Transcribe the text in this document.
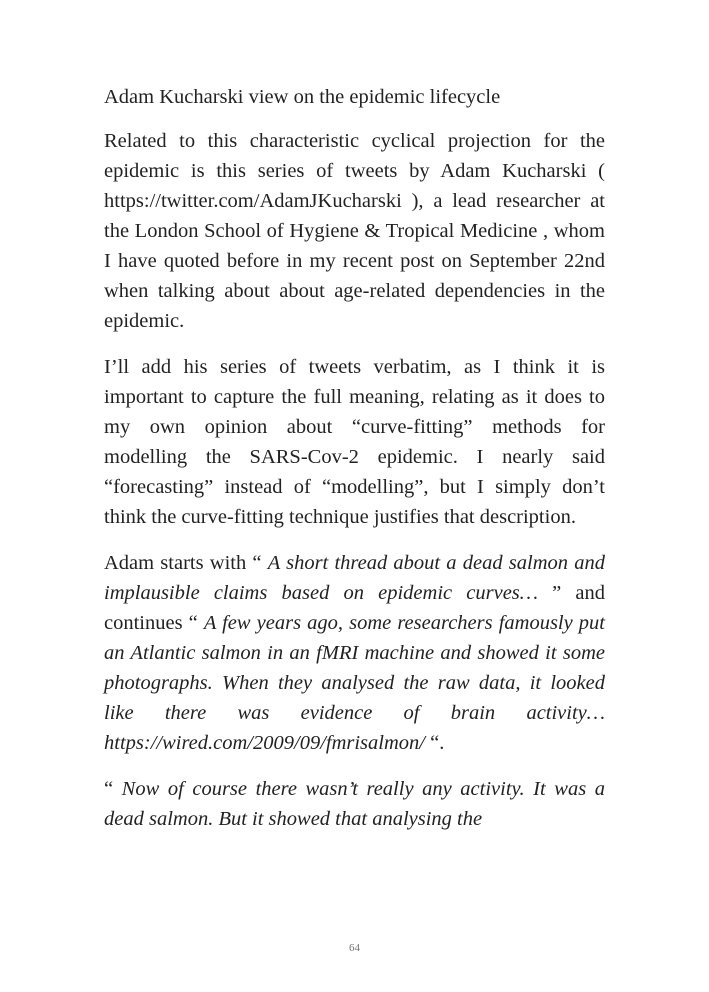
Adam Kucharski view on the epidemic lifecycle

Related to this characteristic cyclical projection for the epidemic is this series of tweets by Adam Kucharski ( https://twitter.com/AdamJKucharski ), a lead researcher at the London School of Hygiene & Tropical Medicine , whom I have quoted before in my recent post on September 22nd when talking about about age-related dependencies in the epidemic.

I’ll add his series of tweets verbatim, as I think it is important to capture the full meaning, relating as it does to my own opinion about “curve-fitting” methods for modelling the SARS-Cov-2 epidemic. I nearly said “forecasting” instead of “modelling”, but I simply don’t think the curve-fitting technique justifies that description.

Adam starts with “ A short thread about a dead salmon and implausible claims based on epidemic curves… ” and continues “ A few years ago, some researchers famously put an Atlantic salmon in an fMRI machine and showed it some photographs. When they analysed the raw data, it looked like there was evidence of brain activity… https://wired.com/2009/09/fmrisalmon/ “.

“ Now of course there wasn’t really any activity. It was a dead salmon. But it showed that analysing the

64
